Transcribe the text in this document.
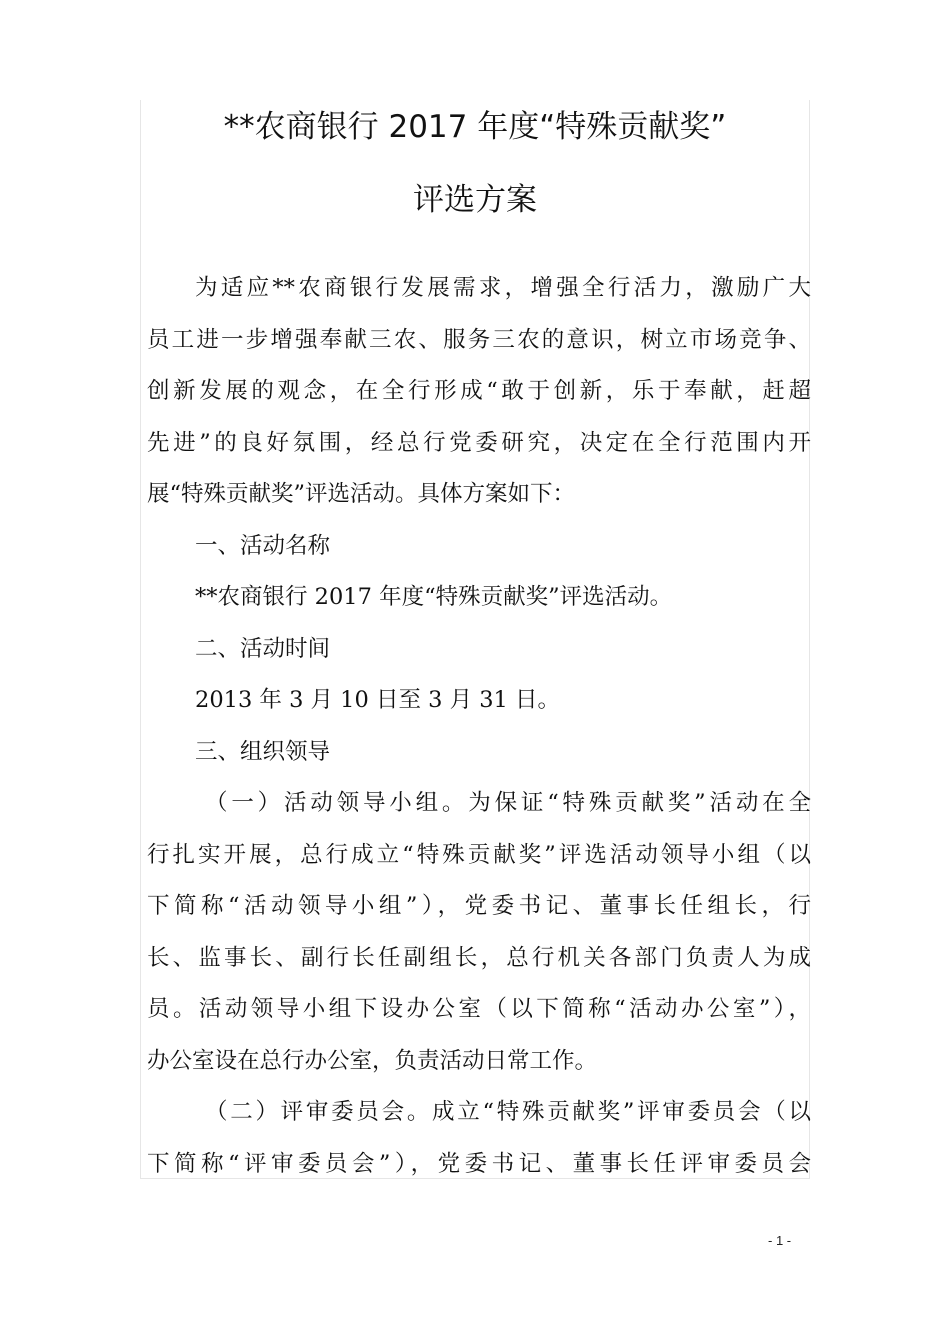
**农商银行 2017 年度“特殊贡献奖”
评选方案
为适应**农商银行发展需求，增强全行活力，激励广大
员工进一步增强奉献三农、服务三农的意识，树立市场竞争、
创新发展的观念，在全行形成“敢于创新，乐于奉献，赶超
先进”的良好氛围，经总行党委研究，决定在全行范围内开
展“特殊贡献奖”评选活动。具体方案如下：
一、活动名称
**农商银行 2017 年度“特殊贡献奖”评选活动。
二、活动时间
2013 年 3 月 10 日至 3 月 31 日。
三、组织领导
（一）活动领导小组。为保证“特殊贡献奖”活动在全
行扎实开展，总行成立“特殊贡献奖”评选活动领导小组（以
下简称“活动领导小组”），党委书记、董事长任组长，行
长、监事长、副行长任副组长，总行机关各部门负责人为成
员。活动领导小组下设办公室（以下简称“活动办公室”），
办公室设在总行办公室，负责活动日常工作。
（二）评审委员会。成立“特殊贡献奖”评审委员会（以
下简称“评审委员会”），党委书记、董事长任评审委员会
- 1 -
